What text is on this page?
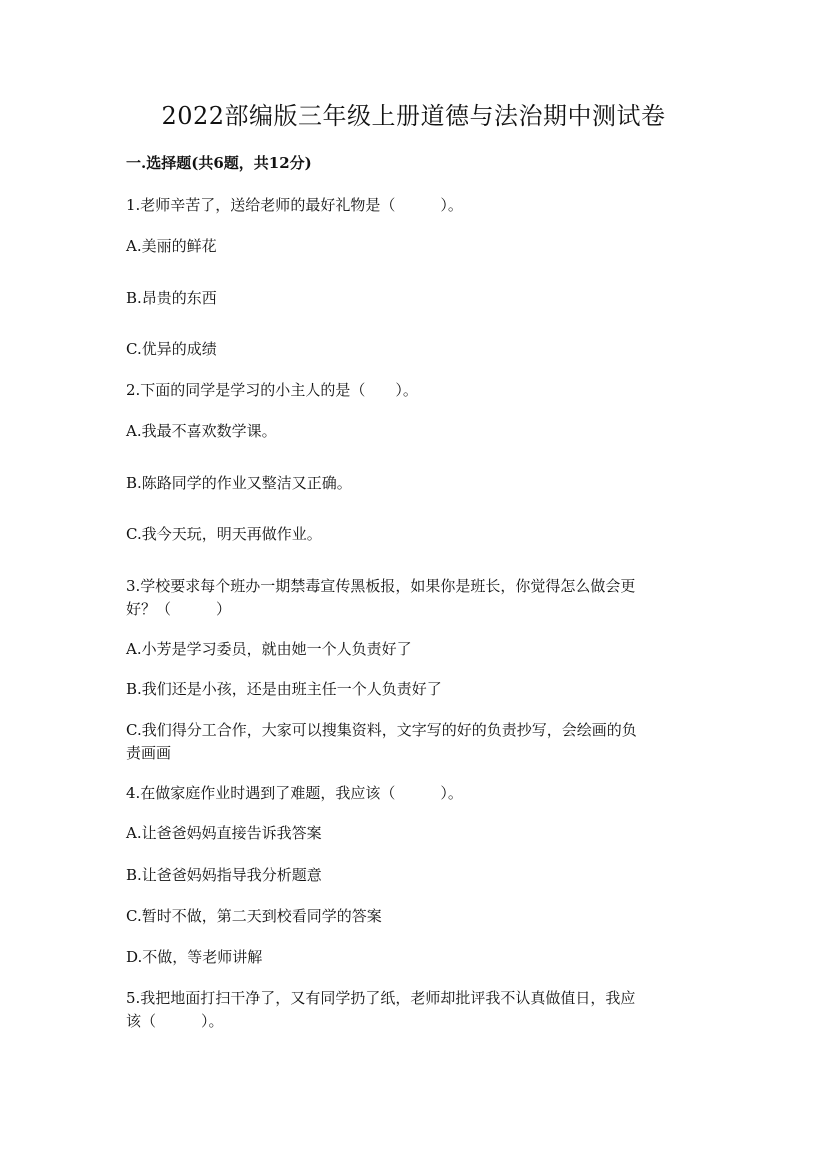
2022部编版三年级上册道德与法治期中测试卷
一.选择题(共6题，共12分)
1.老师辛苦了，送给老师的最好礼物是（　　　）。
A.美丽的鲜花
B.昂贵的东西
C.优异的成绩
2.下面的同学是学习的小主人的是（　　）。
A.我最不喜欢数学课。
B.陈路同学的作业又整洁又正确。
C.我今天玩，明天再做作业。
3.学校要求每个班办一期禁毒宣传黑板报，如果你是班长，你觉得怎么做会更
好？（　　　）
A.小芳是学习委员，就由她一个人负责好了
B.我们还是小孩，还是由班主任一个人负责好了
C.我们得分工合作，大家可以搜集资料，文字写的好的负责抄写，会绘画的负
责画画
4.在做家庭作业时遇到了难题，我应该（　　　）。
A.让爸爸妈妈直接告诉我答案
B.让爸爸妈妈指导我分析题意
C.暂时不做，第二天到校看同学的答案
D.不做，等老师讲解
5.我把地面打扫干净了，又有同学扔了纸，老师却批评我不认真做值日，我应
该（　　　）。
